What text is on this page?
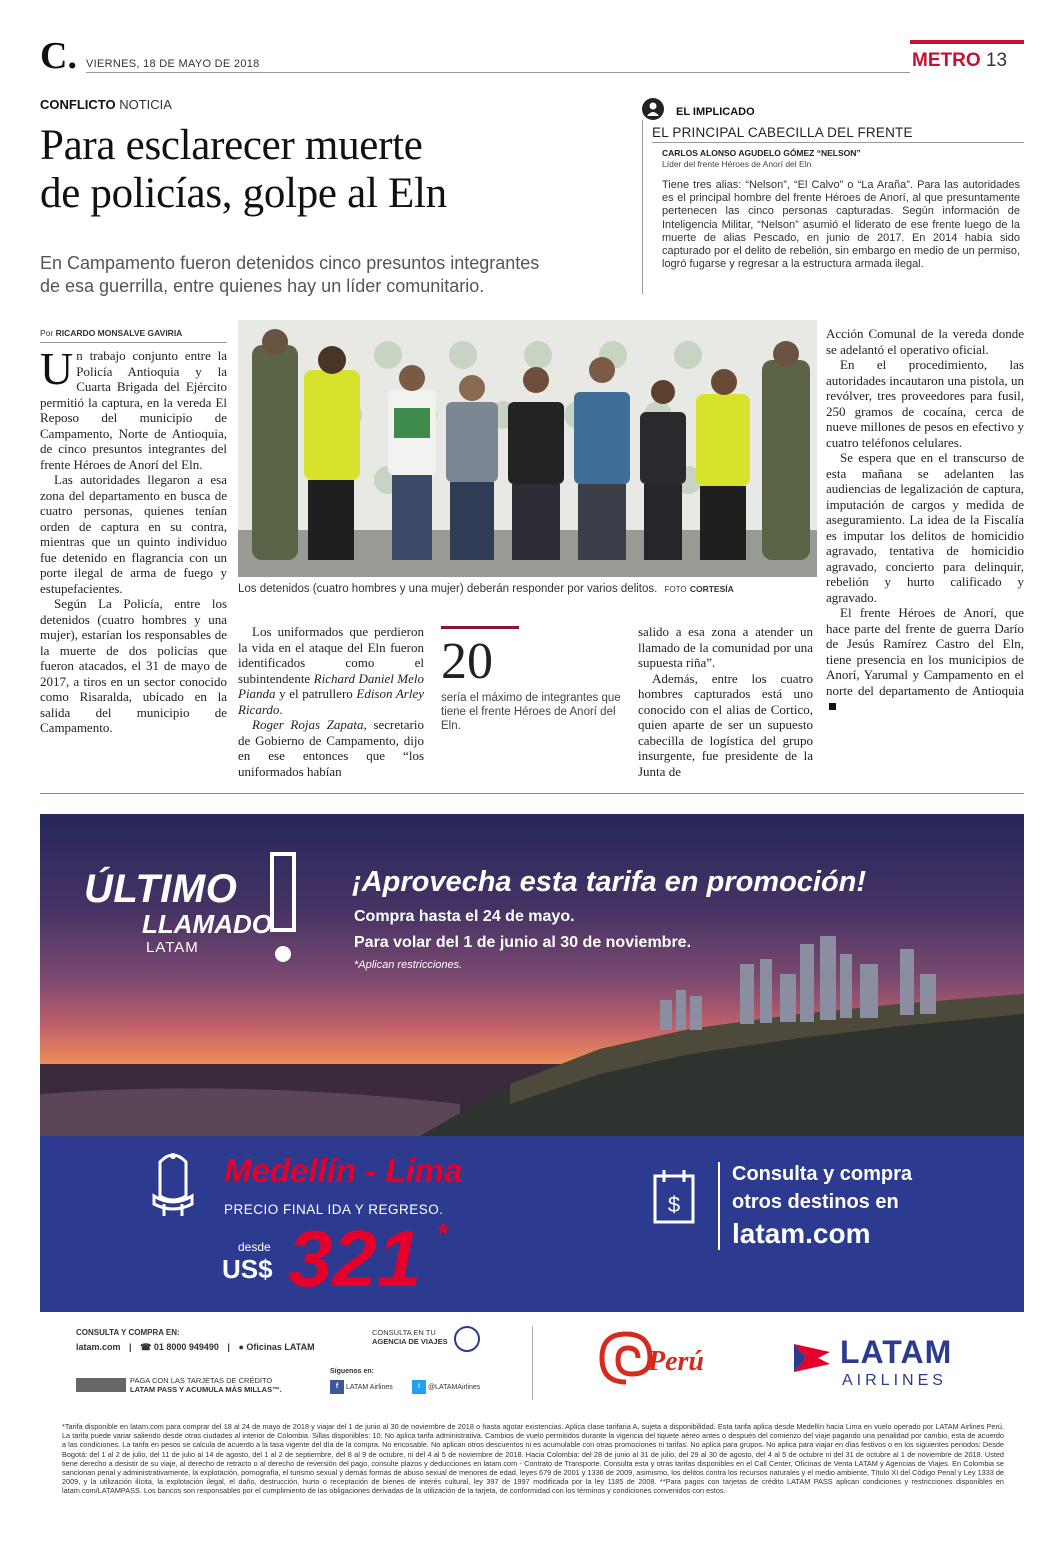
C. VIERNES, 18 DE MAYO DE 2018	METRO 13
CONFLICTO NOTICIA
Para esclarecer muerte
de policías, golpe al Eln
En Campamento fueron detenidos cinco presuntos integrantes
de esa guerrilla, entre quienes hay un líder comunitario.
EL IMPLICADO
EL PRINCIPAL CABECILLA DEL FRENTE
CARLOS ALONSO AGUDELO GÓMEZ “NELSON”
Líder del frente Héroes de Anorí del Eln
Tiene tres alias: “Nelson”, “El Calvo” o “La Araña”. Para las autoridades es el principal hombre del frente Héroes de Anorí, al que presuntamente pertenecen las cinco personas capturadas. Según información de Inteligencia Militar, “Nelson” asumió el liderato de ese frente luego de la muerte de alias Pescado, en junio de 2017. En 2014 había sido capturado por el delito de rebelión, sin embargo en medio de un permiso, logró fugarse y regresar a la estructura armada ilegal.
Por RICARDO MONSALVE GAVIRIA
Un trabajo conjunto entre la Policía Antioquia y la Cuarta Brigada del Ejército permitió la captura, en la vereda El Reposo del municipio de Campamento, Norte de Antioquia, de cinco presuntos integrantes del frente Héroes de Anorí del Eln.

Las autoridades llegaron a esa zona del departamento en busca de cuatro personas, quienes tenían orden de captura en su contra, mientras que un quinto individuo fue detenido en flagrancia con un porte ilegal de arma de fuego y estupefacientes.

Según La Policía, entre los detenidos (cuatro hombres y una mujer), estarían los responsables de la muerte de dos policías que fueron atacados, el 31 de mayo de 2017, a tiros en un sector conocido como Risaralda, ubicado en la salida del municipio de Campamento.

Los detenidos (cuatro hombres y una mujer) deberán responder por varios delitos. FOTO CORTESÍA

Los uniformados que perdieron la vida en el ataque del Eln fueron identificados como el subintendente Richard Daniel Melo Pianda y el patrullero Edison Arley Ricardo.

Roger Rojas Zapata, secretario de Gobierno de Campamento, dijo en ese entonces que “los uniformados habían

20
sería el máximo de integrantes que tiene el frente Héroes de Anorí del Eln.

salido a esa zona a atender un llamado de la comunidad por una supuesta riña”.

Además, entre los cuatro hombres capturados está uno conocido con el alias de Cortico, quien aparte de ser un supuesto cabecilla de logística del grupo insurgente, fue presidente de la Junta de

Acción Comunal de la vereda donde se adelantó el operativo oficial.

En el procedimiento, las autoridades incautaron una pistola, un revólver, tres proveedores para fusil, 250 gramos de cocaína, cerca de nueve millones de pesos en efectivo y cuatro teléfonos celulares.

Se espera que en el transcurso de esta mañana se adelanten las audiencias de legalización de captura, imputación de cargos y medida de aseguramiento. La idea de la Fiscalía es imputar los delitos de homicidio agravado, tentativa de homicidio agravado, concierto para delinquir, rebelión y hurto calificado y agravado.

El frente Héroes de Anorí, que hace parte del frente de guerra Darío de Jesús Ramírez Castro del Eln, tiene presencia en los municipios de Anorí, Yarumal y Campamento en el norte del departamento de Antioquia

ÚLTIMO
LLAMADO
LATAM
¡Aprovecha esta tarifa en promoción!
Compra hasta el 24 de mayo.
Para volar del 1 de junio al 30 de noviembre.
*Aplican restricciones.
Medellín - Lima
PRECIO FINAL IDA Y REGRESO.
desde
US$ 321 *
$
Consulta y compra
otros destinos en
latam.com
CONSULTA Y COMPRA EN:
latam.com | ☎ 01 8000 949490 | ● Oficinas LATAM
CONSULTA EN TU
AGENCIA DE VIAJES
PAGA CON LAS TARJETAS DE CRÉDITO
LATAM PASS Y ACUMULA MÁS MILLAS™.
Síguenos en:
f LATAM Airlines	t @LATAMAirlines
Perú	LATAM
AIRLINES
*Tarifa disponible en latam.com para comprar del 18 al 24 de mayo de 2018 y viajar del 1 de junio al 30 de noviembre de 2018 o hasta agotar existencias. Aplica clase tarifaria A, sujeta a disponibilidad. Esta tarifa aplica desde Medellín hacia Lima en vuelo operado por LATAM Airlines Perú. La tarifa puede variar saliendo desde otras ciudades al interior de Colombia. Sillas disponibles: 10. No aplica tarifa administrativa. Cambios de vuelo permitidos durante la vigencia del tiquete aéreo antes o después del comienzo del viaje pagando una penalidad por cambio, esta de acuerdo a las condiciones. La tarifa en pesos se calcula de acuerdo a la tasa vigente del día de la compra. No encosable. No aplican otros descuentos ni es acumulable con otras promociones ni tarifas. No aplica para grupos. No aplica para viajar en días festivos o en los siguientes periodos: Desde Bogotá: del 1 al 2 de julio, del 11 de julio al 14 de agosto, del 1 al 2 de septiembre, del 8 al 9 de octubre, ni del 4 al 5 de noviembre de 2018. Hacia Colombia: del 28 de junio al 31 de julio, del 29 al 30 de agosto, del 4 al 5 de octubre ni del 31 de octubre al 1 de noviembre de 2018. Usted tiene derecho a desistir de su viaje, al derecho de retracto o al derecho de reversión del pago, consulte plazos y deducciones en latam.com - Contrato de Transporte. Consulta esta y otras tarifas disponibles en el Call Center, Oficinas de Venta LATAM y Agencias de Viajes. En Colombia se sancionan penal y administrativamente, la explotación, pornografía, el turismo sexual y demás formas de abuso sexual de menores de edad, leyes 679 de 2001 y 1336 de 2009, asimismo, los delitos contra los recursos naturales y el medio ambiente, Título XI del Código Penal y Ley 1333 de 2009, y la utilización ilícita, la explotación ilegal, el daño, destrucción, hurto o receptación de bienes de interés cultural, ley 397 de 1997 modificada por la ley 1185 de 2008. **Para pagos con tarjetas de crédito LATAM PASS aplican condiciones y restricciones disponibles en latam.com/LATAMPASS. Los bancos son responsables por el cumplimiento de las obligaciones derivadas de la utilización de la tarjeta, de conformidad con los términos y condiciones convenidos con estos.
